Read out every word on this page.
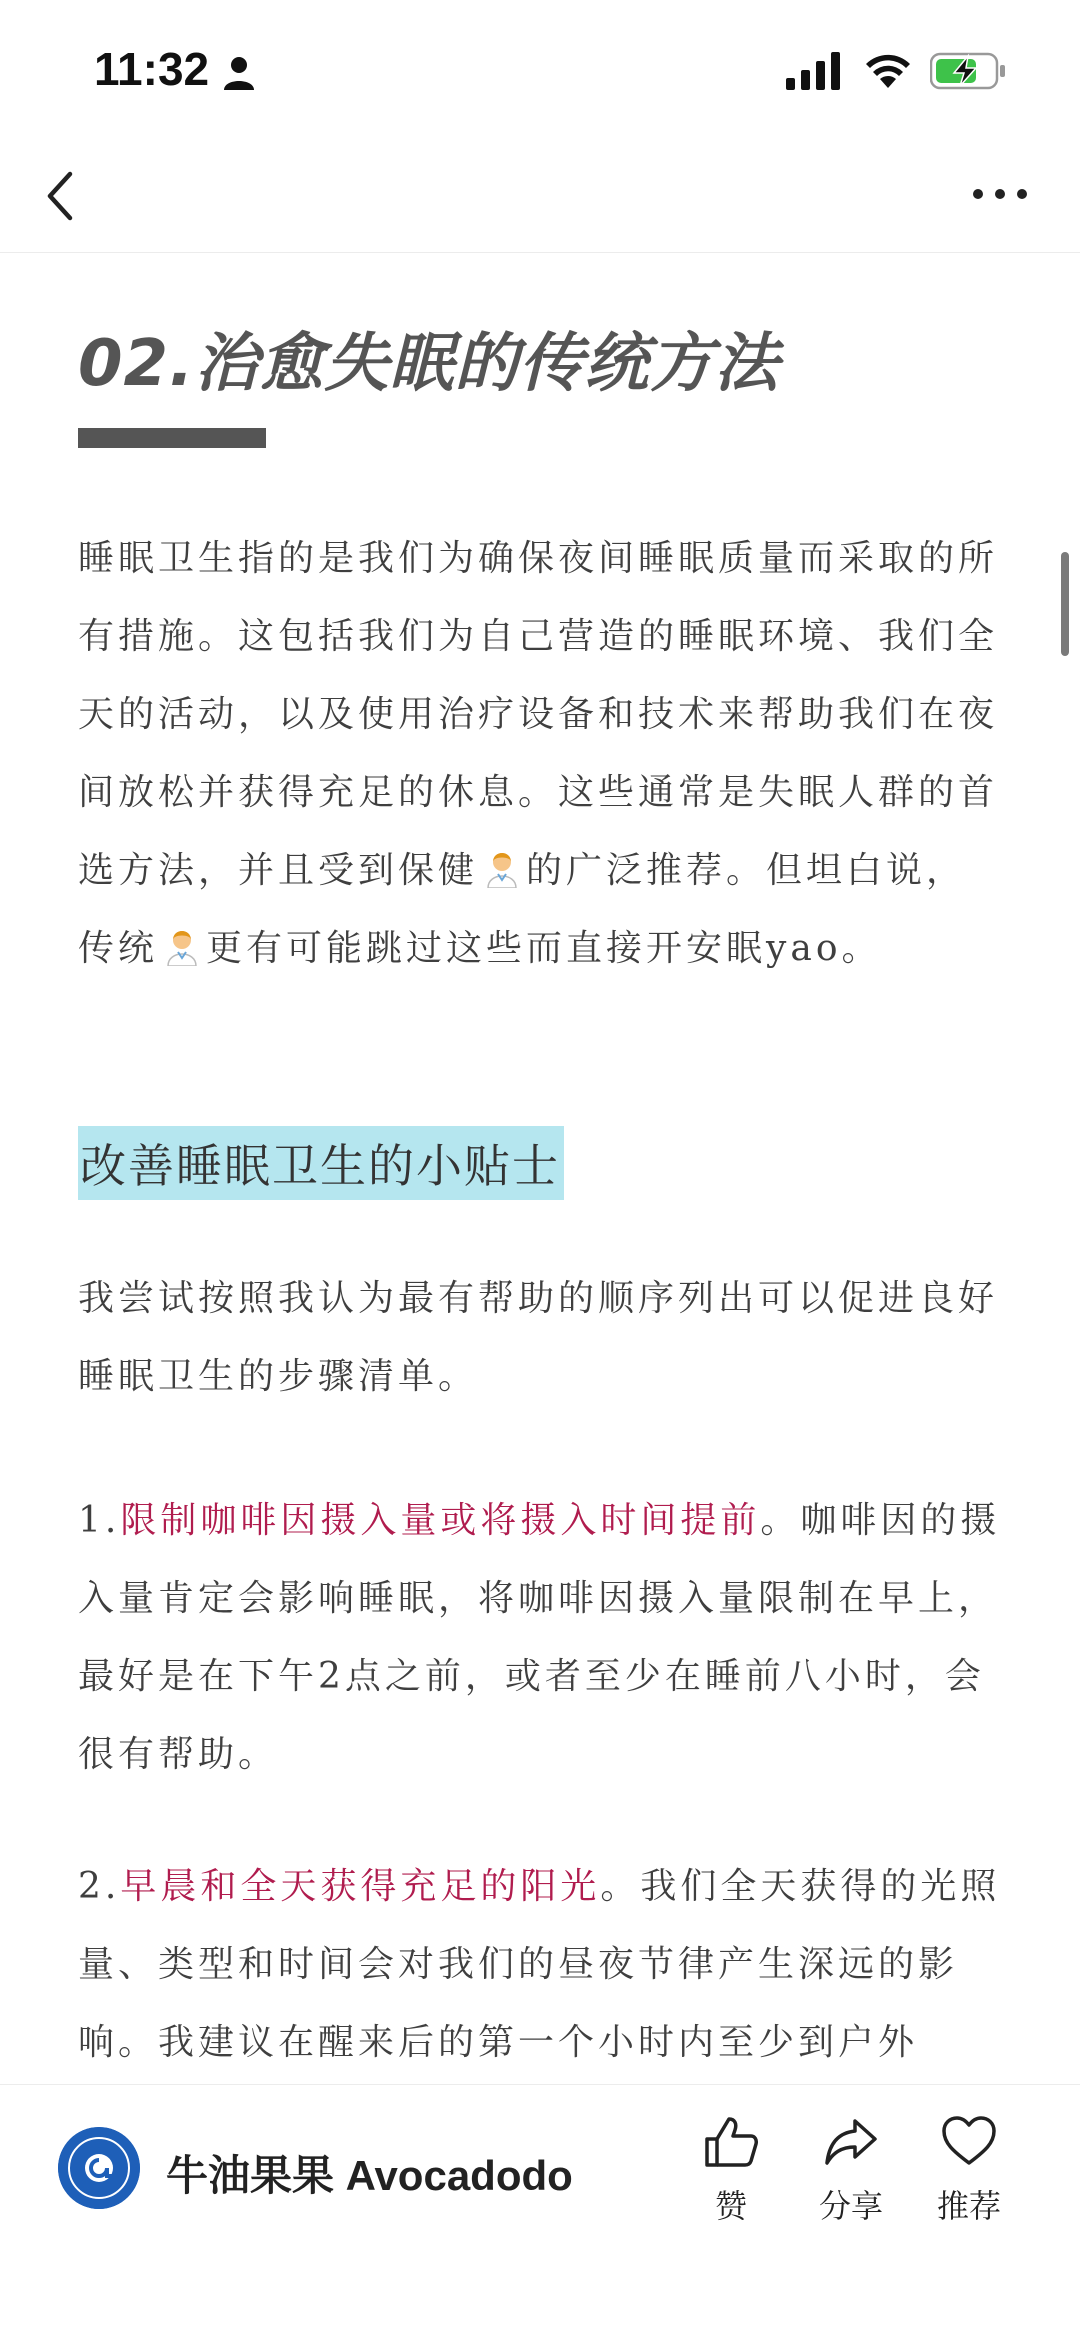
11:32
02.治愈失眠的传统方法

睡眠卫生指的是我们为确保夜间睡眠质量而采取的所有措施。这包括我们为自己营造的睡眠环境、我们全天的活动，以及使用治疗设备和技术来帮助我们在夜间放松并获得充足的休息。这些通常是失眠人群的首选方法，并且受到保健 的广泛推荐。但坦白说，传统 更有可能跳过这些而直接开安眠yao。

改善睡眠卫生的小贴士

我尝试按照我认为最有帮助的顺序列出可以促进良好睡眠卫生的步骤清单。

1.限制咖啡因摄入量或将摄入时间提前。咖啡因的摄入量肯定会影响睡眠，将咖啡因摄入量限制在早上，最好是在下午2点之前，或者至少在睡前八小时，会很有帮助。

2.早晨和全天获得充足的阳光。我们全天获得的光照量、类型和时间会对我们的昼夜节律产生深远的影响。我建议在醒来后的第一个小时内至少到户外

牛油果果 Avocadodo
赞	分享	推荐
